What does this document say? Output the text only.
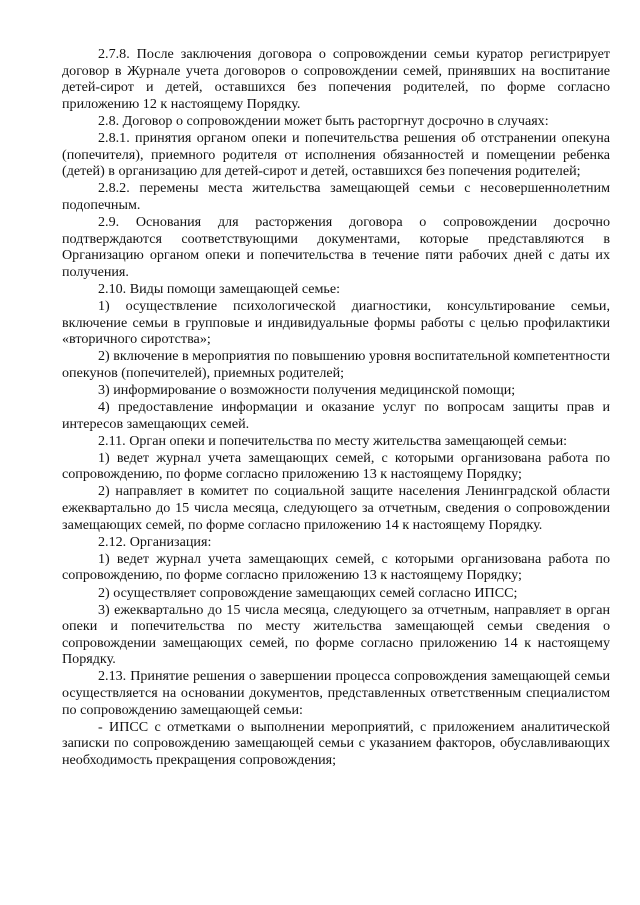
2.7.8. После заключения договора о сопровождении семьи куратор регистрирует договор в Журнале учета договоров о сопровождении семей, принявших на воспитание детей-сирот и детей, оставшихся без попечения родителей, по форме согласно приложению 12 к настоящему Порядку.

2.8. Договор о сопровождении может быть расторгнут досрочно в случаях:

2.8.1. принятия органом опеки и попечительства решения об отстранении опекуна (попечителя), приемного родителя от исполнения обязанностей и помещении ребенка (детей) в организацию для детей-сирот и детей, оставшихся без попечения родителей;

2.8.2. перемены места жительства замещающей семьи с несовершеннолетним подопечным.

2.9. Основания для расторжения договора о сопровождении досрочно подтверждаются соответствующими документами, которые представляются в Организацию органом опеки и попечительства в течение пяти рабочих дней с даты их получения.

2.10. Виды помощи замещающей семье:

1) осуществление психологической диагностики, консультирование семьи, включение семьи в групповые и индивидуальные формы работы с целью профилактики «вторичного сиротства»;

2) включение в мероприятия по повышению уровня воспитательной компетентности опекунов (попечителей), приемных родителей;

3) информирование о возможности получения медицинской помощи;

4) предоставление информации и оказание услуг по вопросам защиты прав и интересов замещающих семей.

2.11. Орган опеки и попечительства по месту жительства замещающей семьи:

1) ведет журнал учета замещающих семей, с которыми организована работа по сопровождению, по форме согласно приложению 13 к настоящему Порядку;

2) направляет в комитет по социальной защите населения Ленинградской области ежеквартально до 15 числа месяца, следующего за отчетным, сведения о сопровождении замещающих семей, по форме согласно приложению 14 к настоящему Порядку.

2.12. Организация:

1) ведет журнал учета замещающих семей, с которыми организована работа по сопровождению, по форме согласно приложению 13 к настоящему Порядку;

2) осуществляет сопровождение замещающих семей согласно ИПСС;

3) ежеквартально до 15 числа месяца, следующего за отчетным, направляет в орган опеки и попечительства по месту жительства замещающей семьи сведения о сопровождении замещающих семей, по форме согласно приложению 14 к настоящему Порядку.

2.13. Принятие решения о завершении процесса сопровождения замещающей семьи осуществляется на основании документов, представленных ответственным специалистом по сопровождению замещающей семьи:

- ИПСС с отметками о выполнении мероприятий, с приложением аналитической записки по сопровождению замещающей семьи с указанием факторов, обуславливающих необходимость прекращения сопровождения;
